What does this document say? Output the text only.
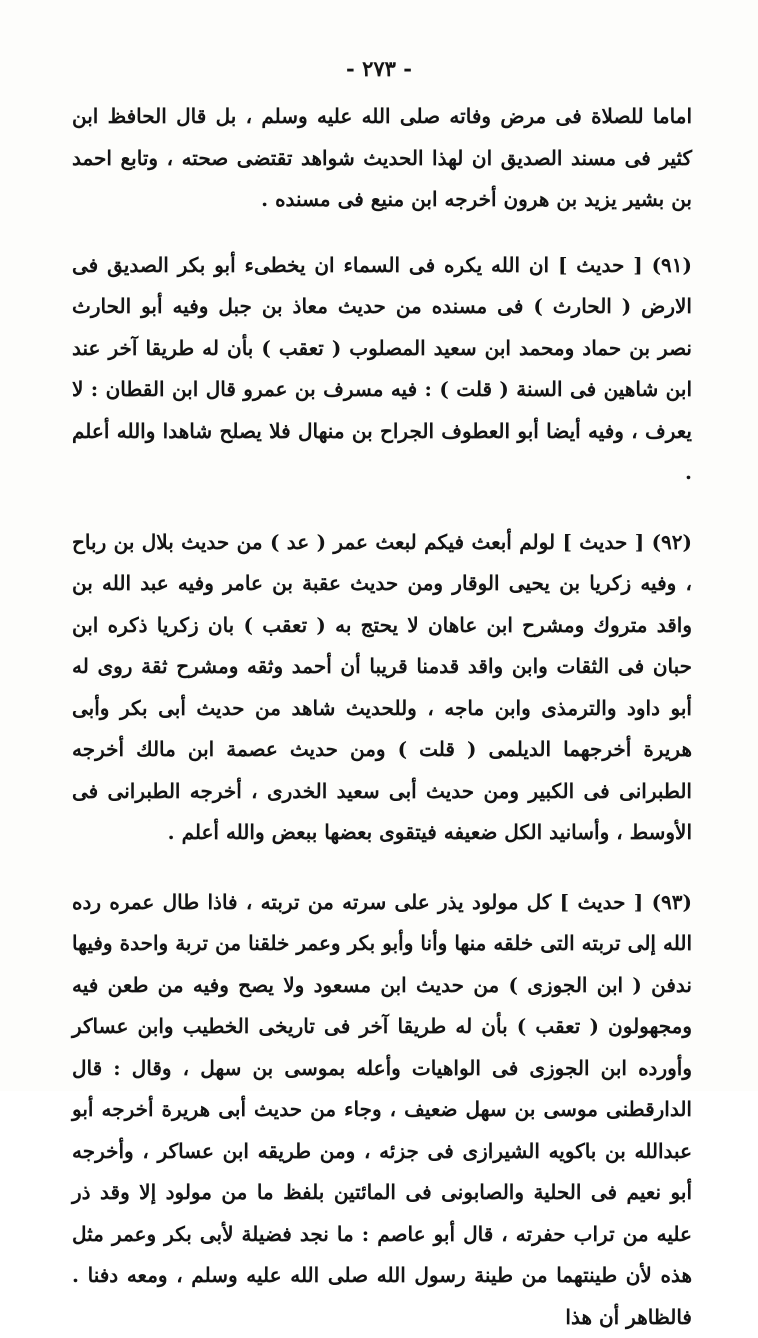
- ٢٧٣ -

اماما للصلاة فى مرض وفاته صلى الله عليه وسلم ، بل قال الحافظ ابن كثير فى مسند الصديق ان لهذا الحديث شواهد تقتضى صحته ، وتابع احمد بن بشير يزيد بن هرون أخرجه ابن منيع فى مسنده .

(٩١) [ حديث ] ان الله يكره فى السماء ان يخطىء أبو بكر الصديق فى الارض ( الحارث ) فى مسنده من حديث معاذ بن جبل وفيه أبو الحارث نصر بن حماد ومحمد ابن سعيد المصلوب ( تعقب ) بأن له طريقا آخر عند ابن شاهين فى السنة ( قلت ) : فيه مسرف بن عمرو قال ابن القطان : لا يعرف ، وفيه أيضا أبو العطوف الجراح بن منهال فلا يصلح شاهدا والله أعلم .

(٩٢) [ حديث ] لولم أبعث فيكم لبعث عمر ( عد ) من حديث بلال بن رباح ، وفيه زكريا بن يحيى الوقار ومن حديث عقبة بن عامر وفيه عبد الله بن واقد متروك ومشرح ابن عاهان لا يحتج به ( تعقب ) بان زكريا ذكره ابن حبان فى الثقات وابن واقد قدمنا قريبا أن أحمد وثقه ومشرح ثقة روى له أبو داود والترمذى وابن ماجه ، وللحديث شاهد من حديث أبى بكر وأبى هريرة أخرجهما الديلمى ( قلت ) ومن حديث عصمة ابن مالك أخرجه الطبرانى فى الكبير ومن حديث أبى سعيد الخدرى ، أخرجه الطبرانى فى الأوسط ، وأسانيد الكل ضعيفه فيتقوى بعضها ببعض والله أعلم .

(٩٣) [ حديث ] كل مولود يذر على سرته من تربته ، فاذا طال عمره رده الله إلى تربته التى خلقه منها وأنا وأبو بكر وعمر خلقنا من تربة واحدة وفيها ندفن ( ابن الجوزى ) من حديث ابن مسعود ولا يصح وفيه من طعن فيه ومجهولون ( تعقب ) بأن له طريقا آخر فى تاريخى الخطيب وابن عساكر وأورده ابن الجوزى فى الواهيات وأعله بموسى بن سهل ، وقال : قال الدارقطنى موسى بن سهل ضعيف ، وجاء من حديث أبى هريرة أخرجه أبو عبدالله بن باكويه الشيرازى فى جزئه ، ومن طريقه ابن عساكر ، وأخرجه أبو نعيم فى الحلية والصابونى فى المائتين بلفظ ما من مولود إلا وقد ذر عليه من تراب حفرته ، قال أبو عاصم : ما نجد فضيلة لأبى بكر وعمر مثل هذه لأن طينتهما من طينة رسول الله صلى الله عليه وسلم ، ومعه دفنا . فالظاهر أن هذا
